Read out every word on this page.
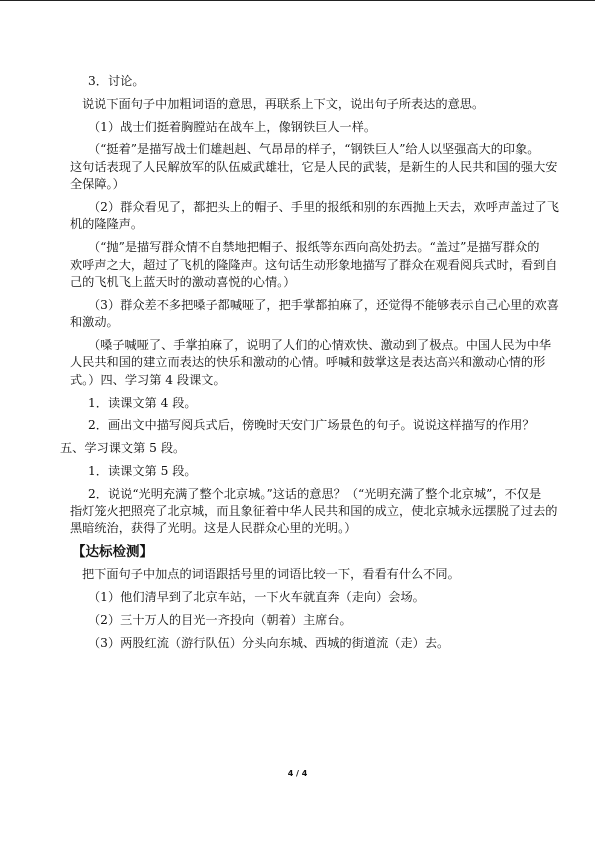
3．讨论。
说说下面句子中加粗词语的意思，再联系上下文，说出句子所表达的意思。
（1）战士们挺着胸膛站在战车上，像钢铁巨人一样。
（“挺着”是描写战士们雄赳赳、气昂昂的样子，“钢铁巨人”给人以坚强高大的印象。
这句话表现了人民解放军的队伍威武雄壮，它是人民的武装，是新生的人民共和国的强大安
全保障。）
（2）群众看见了，都把头上的帽子、手里的报纸和别的东西抛上天去，欢呼声盖过了飞
机的隆隆声。
（“抛”是描写群众情不自禁地把帽子、报纸等东西向高处扔去。“盖过”是描写群众的
欢呼声之大，超过了飞机的隆隆声。这句话生动形象地描写了群众在观看阅兵式时，看到自
己的飞机飞上蓝天时的激动喜悦的心情。）
（3）群众差不多把嗓子都喊哑了，把手掌都拍麻了，还觉得不能够表示自己心里的欢喜
和激动。
（嗓子喊哑了、手掌拍麻了，说明了人们的心情欢快、激动到了极点。中国人民为中华
人民共和国的建立而表达的快乐和激动的心情。呼喊和鼓掌这是表达高兴和激动心情的形
式。）四、学习第 4 段课文。
1．读课文第 4 段。
2．画出文中描写阅兵式后，傍晚时天安门广场景色的句子。说说这样描写的作用？
五、学习课文第 5 段。
1．读课文第 5 段。
2．说说“光明充满了整个北京城。”这话的意思？（“光明充满了整个北京城”，不仅是
指灯笼火把照亮了北京城，而且象征着中华人民共和国的成立，使北京城永远摆脱了过去的
黑暗统治，获得了光明。这是人民群众心里的光明。）
【达标检测】
把下面句子中加点的词语跟括号里的词语比较一下，看看有什么不同。
（1）他们清早到了北京车站，一下火车就直奔（走向）会场。
（2）三十万人的目光一齐投向（朝着）主席台。
（3）两股红流（游行队伍）分头向东城、西城的街道流（走）去。
4 / 4
